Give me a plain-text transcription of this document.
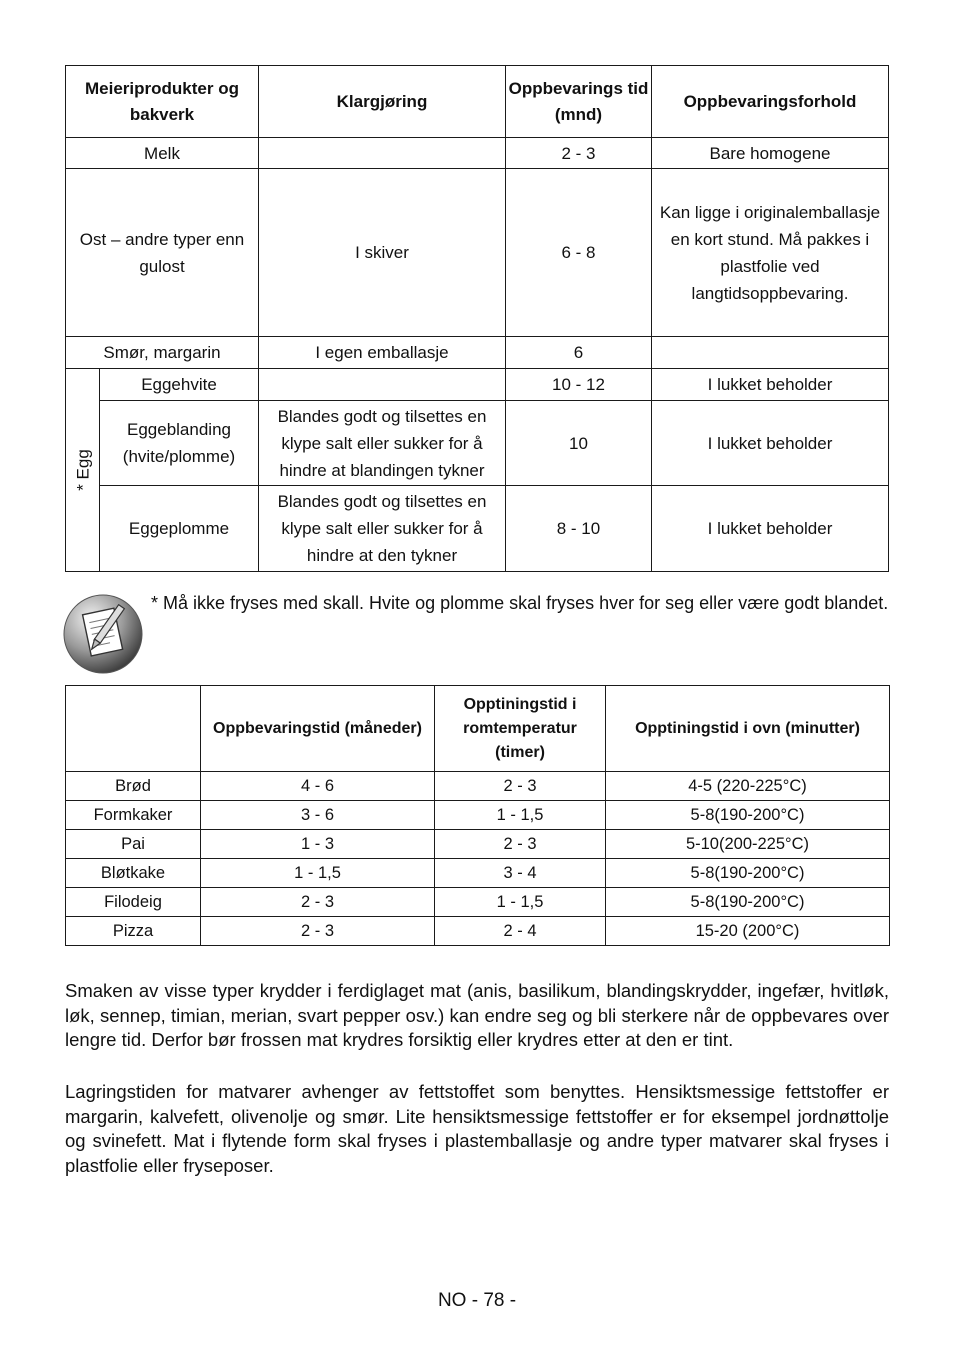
Meieriprodukter og bakverk		Klargjøring	Oppbevarings tid (mnd)	Oppbevaringsforhold
Melk			2 - 3	Bare homogene
Ost – andre typer enn gulost		I skiver	6 - 8	Kan ligge i originalemballasje en kort stund. Må pakkes i plastfolie ved langtidsoppbevaring.
Smør, margarin		I egen emballasje	6	

* Egg	Eggehvite		10 - 12	I lukket beholder
	Eggeblanding (hvite/plomme)	Blandes godt og tilsettes en klype salt eller sukker for å hindre at blandingen tykner	10	I lukket beholder
	Eggeplomme	Blandes godt og tilsettes en klype salt eller sukker for å hindre at den tykner	8 - 10	I lukket beholder

* Må ikke fryses med skall. Hvite og plomme skal fryses hver for seg eller være godt blandet.

	Oppbevaringstid (måneder)	Opptiningstid i romtemperatur (timer)	Opptiningstid i ovn (minutter)
Brød	4 - 6	2 - 3	4-5 (220-225°C)
Formkaker	3 - 6	1 - 1,5	5-8(190-200°C)
Pai	1 - 3	2 - 3	5-10(200-225°C)
Bløtkake	1 - 1,5	3 - 4	5-8(190-200°C)
Filodeig	2 - 3	1 - 1,5	5-8(190-200°C)
Pizza	2 - 3	2 - 4	15-20 (200°C)

Smaken av visse typer krydder i ferdiglaget mat (anis, basilikum, blandingskrydder, ingefær, hvitløk, løk, sennep, timian, merian, svart pepper osv.) kan endre seg og bli sterkere når de oppbevares over lengre tid. Derfor bør frossen mat krydres forsiktig eller krydres etter at den er tint.

Lagringstiden for matvarer avhenger av fettstoffet som benyttes. Hensiktsmessige fettstoffer er margarin, kalvefett, olivenolje og smør. Lite hensiktsmessige fettstoffer er for eksempel jordnøttolje og svinefett. Mat i flytende form skal fryses i plastemballasje og andre typer matvarer skal fryses i plastfolie eller fryseposer.

NO - 78 -
